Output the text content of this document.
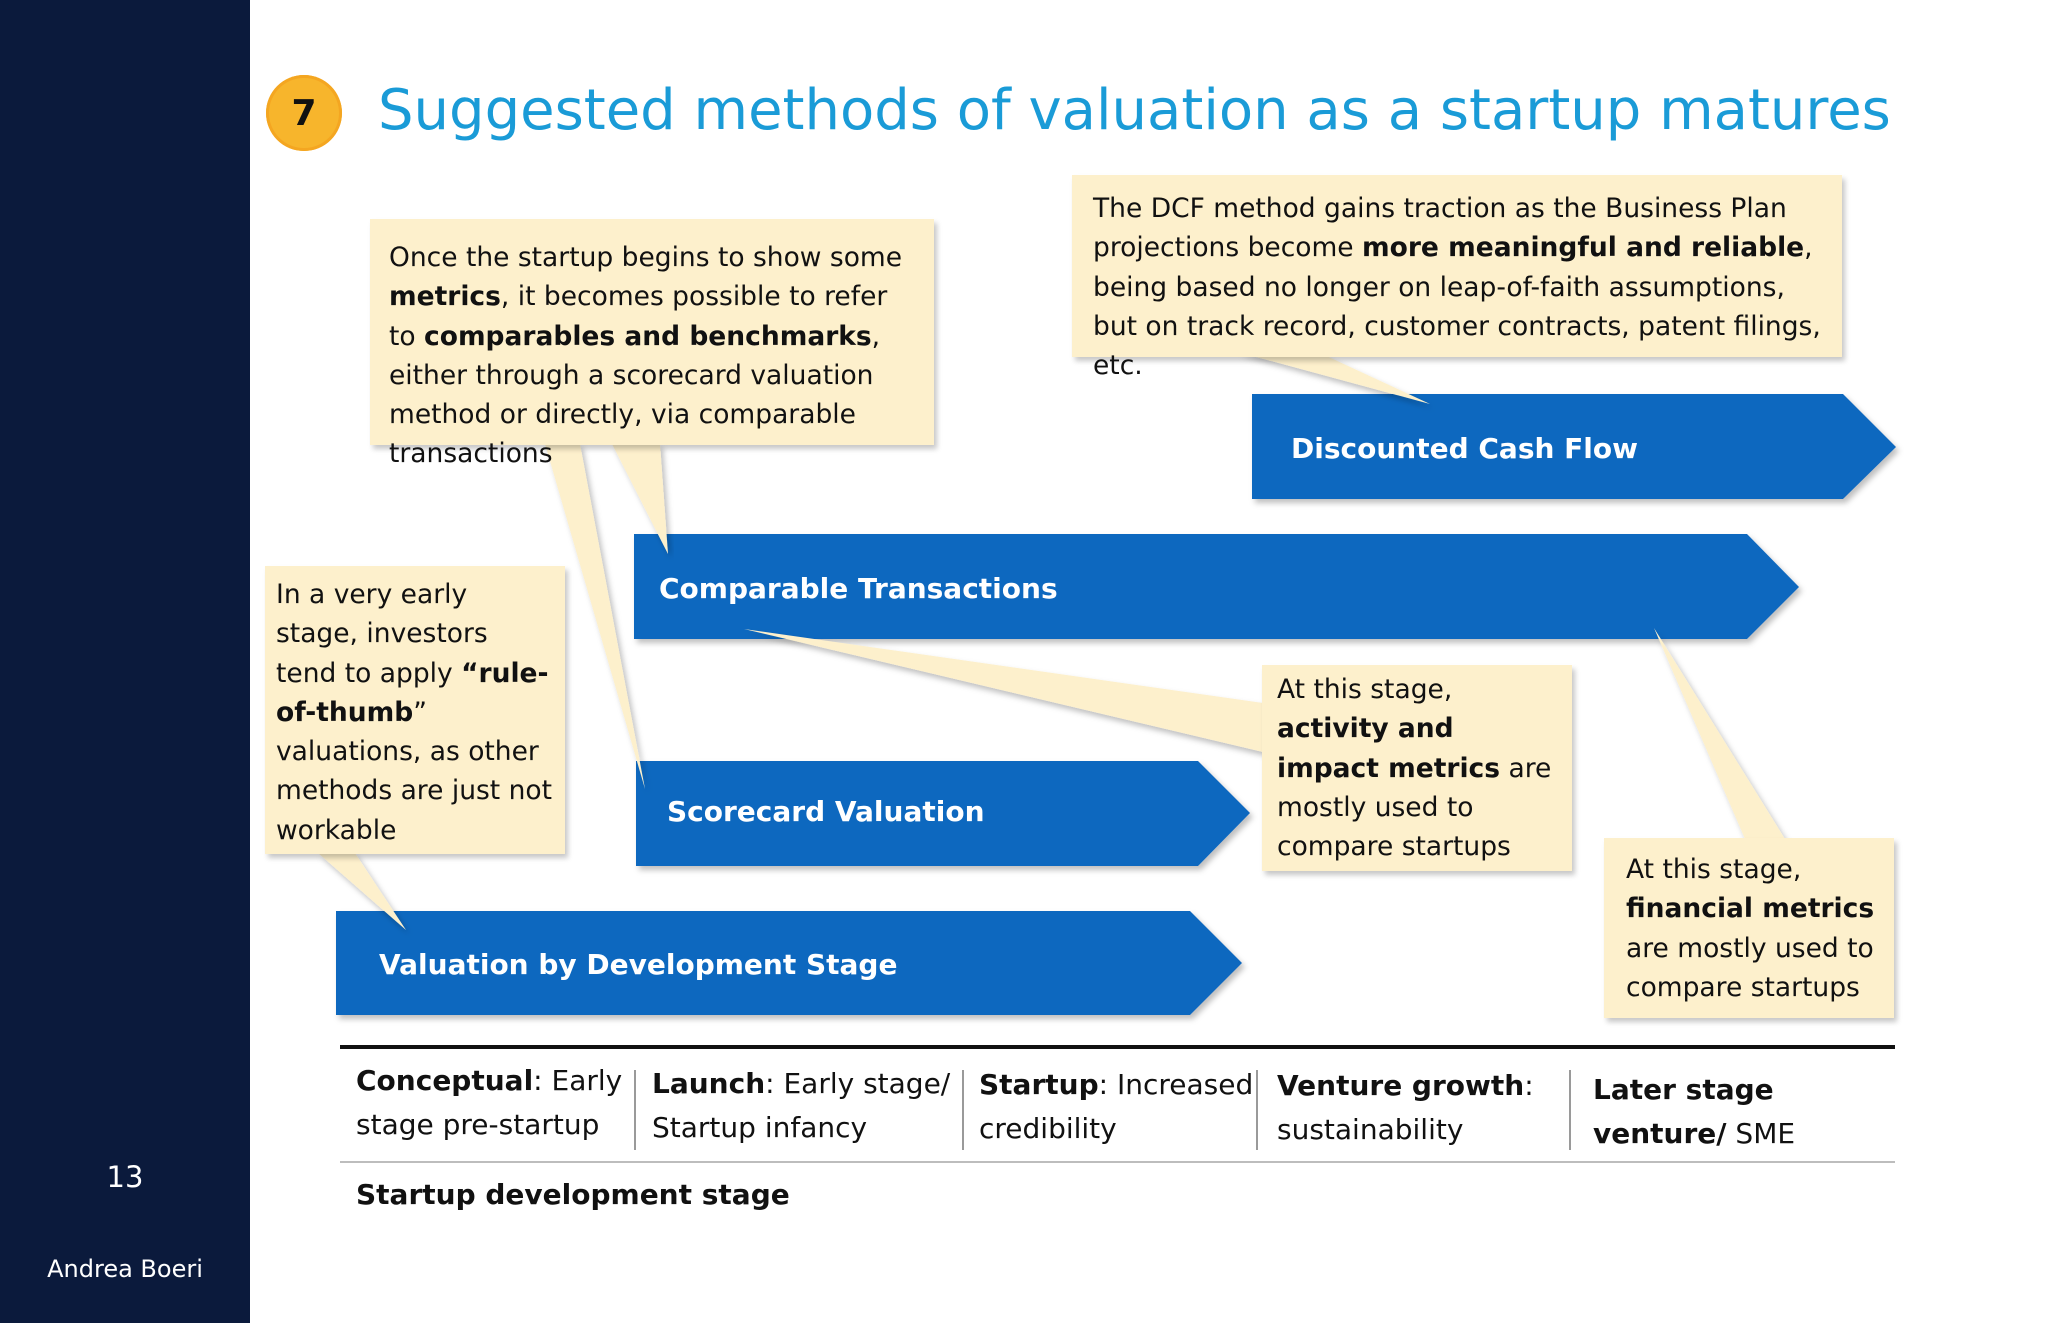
13
Andrea Boeri
7	Suggested methods of valuation as a startup matures
Discounted Cash Flow
Comparable Transactions
Scorecard Valuation
Valuation by Development Stage
The DCF method gains traction as the Business Plan projections become more meaningful and reliable, being based no longer on leap-of-faith assumptions, but on track record, customer contracts, patent filings, etc.
Once the startup begins to show some metrics, it becomes possible to refer to comparables and benchmarks, either through a scorecard valuation method or directly, via comparable transactions
In a very early stage, investors tend to apply “rule-of-thumb” valuations, as other methods are just not workable
At this stage, activity and impact metrics are mostly used to compare startups
At this stage, financial metrics are mostly used to compare startups
Conceptual: Early stage pre-startup
Launch: Early stage/ Startup infancy
Startup: Increased credibility
Venture growth: sustainability
Later stage venture/ SME
Startup development stage
